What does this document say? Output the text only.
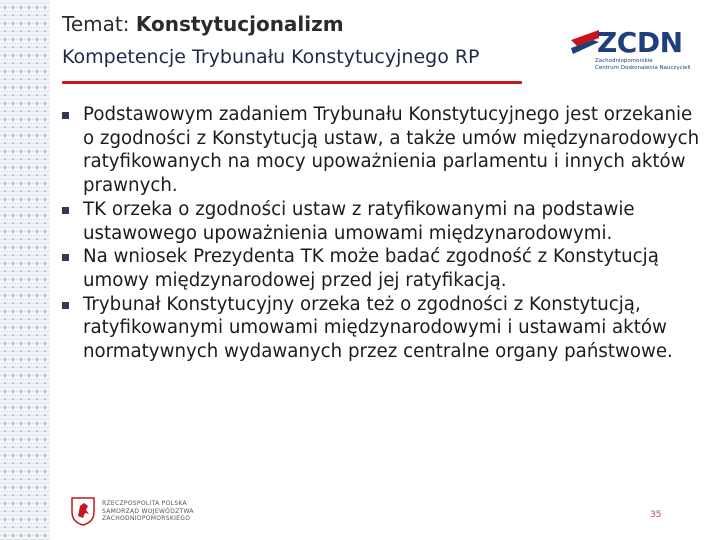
Temat: Konstytucjonalizm
Kompetencje Trybunału Konstytucyjnego RP	ZCDN
Zachodniopomorskie
Centrum Doskonalenia Nauczycieli
Podstawowym zadaniem Trybunału Konstytucyjnego jest orzekanie o zgodności z Konstytucją ustaw, a także umów międzynarodowych ratyfikowanych na mocy upoważnienia parlamentu i innych aktów prawnych.
TK orzeka o zgodności ustaw z ratyfikowanymi na podstawie ustawowego upoważnienia umowami międzynarodowymi.
Na wniosek Prezydenta TK może badać zgodność z Konstytucją umowy międzynarodowej przed jej ratyfikacją.
Trybunał Konstytucyjny orzeka też o zgodności z Konstytucją, ratyfikowanymi umowami międzynarodowymi i ustawami aktów normatywnych wydawanych przez centralne organy państwowe.
RZECZPOSPOLITA POLSKA
SAMORZĄD WOJEWÓDZTWA
ZACHODNIOPOMORSKIEGO	35
